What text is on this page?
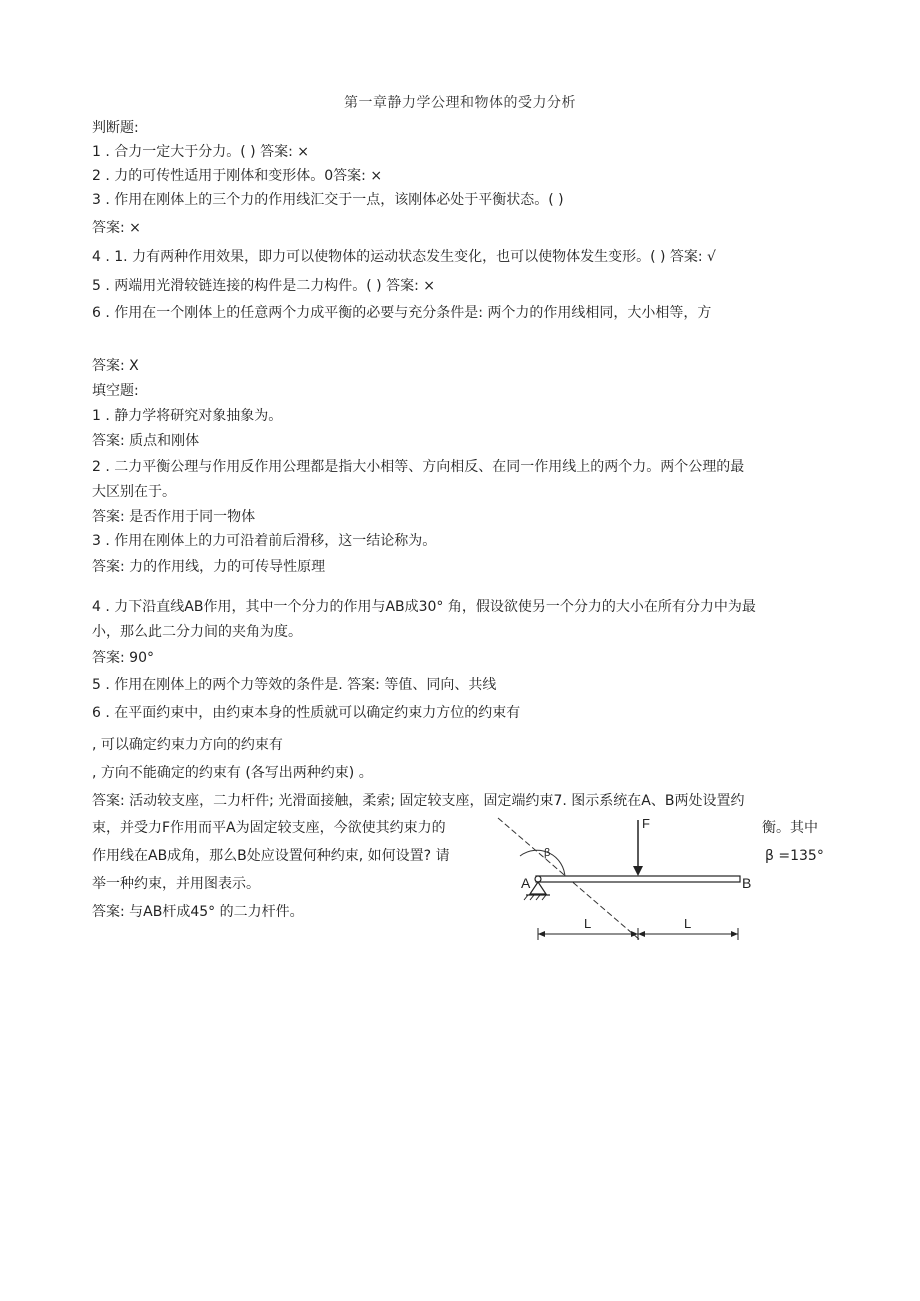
第一章静力学公理和物体的受力分析
判断题:
1 . 合力一定大于分力。( ) 答案: ×
2 . 力的可传性适用于刚体和变形体。0答案: ×
3 . 作用在刚体上的三个力的作用线汇交于一点，该刚体必处于平衡状态。( )
答案: ×
4 . 1. 力有两种作用效果，即力可以使物体的运动状态发生变化，也可以使物体发生变形。( ) 答案: √
5 . 两端用光滑较链连接的构件是二力构件。( ) 答案: ×
6 . 作用在一个刚体上的任意两个力成平衡的必要与充分条件是: 两个力的作用线相同，大小相等，方
答案: X
填空题:
1 . 静力学将研究对象抽象为。
答案: 质点和刚体
2 . 二力平衡公理与作用反作用公理都是指大小相等、方向相反、在同一作用线上的两个力。两个公理的最
大区别在于。
答案: 是否作用于同一物体
3 . 作用在刚体上的力可沿着前后滑移，这一结论称为。
答案: 力的作用线，力的可传导性原理
4 . 力下沿直线AB作用，其中一个分力的作用与AB成30° 角，假设欲使另一个分力的大小在所有分力中为最
小，那么此二分力间的夹角为度。
答案: 90°
5 . 作用在刚体上的两个力等效的条件是. 答案: 等值、同向、共线
6 . 在平面约束中，由约束本身的性质就可以确定约束力方位的约束有
, 可以确定约束力方向的约束有
, 方向不能确定的约束有 (各写出两种约束) 。
答案: 活动较支座，二力杆件; 光滑面接触，柔索; 固定较支座，固定端约束7. 图示系统在A、B两处设置约
束，并受力F作用而平A为固定较支座，今欲使其约束力的
作用线在AB成角，那么B处应设置何种约束, 如何设置? 请
举一种约束，并用图表示。
答案: 与AB杆成45° 的二力杆件。
衡。其中
β =135°
F
β
A	B
L	L
